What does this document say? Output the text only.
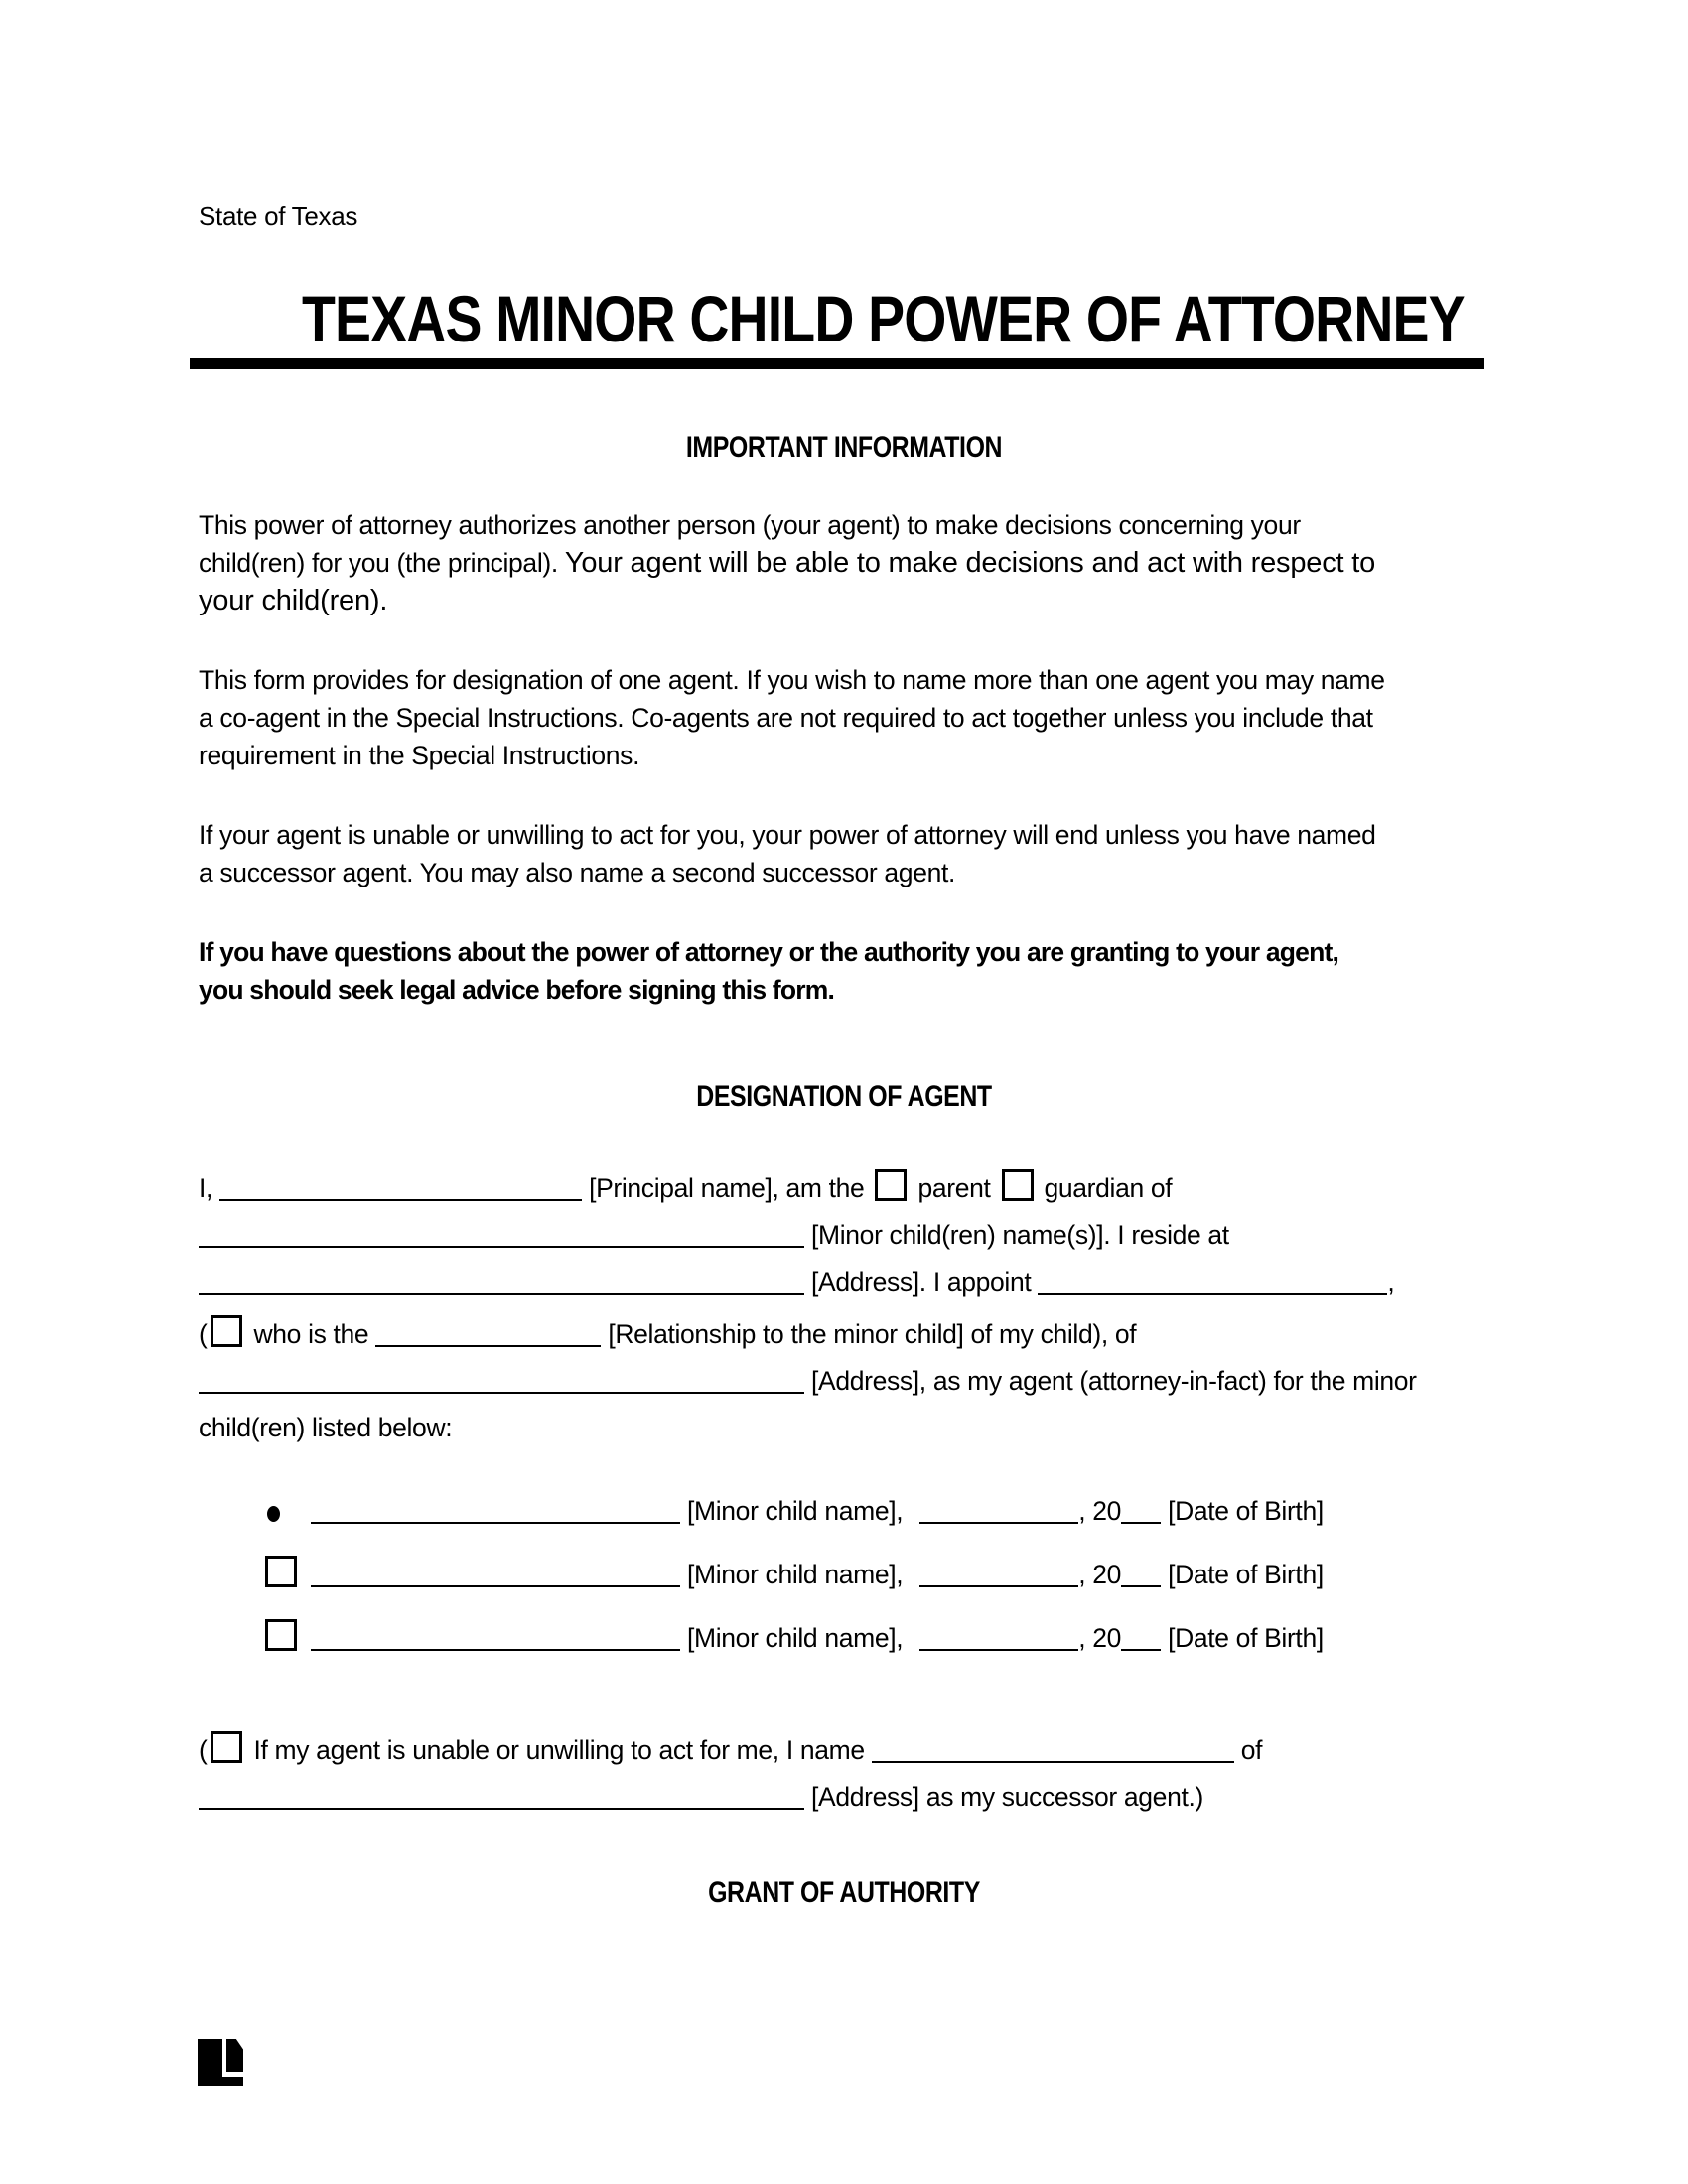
State of Texas
TEXAS MINOR CHILD POWER OF ATTORNEY
IMPORTANT INFORMATION
This power of attorney authorizes another person (your agent) to make decisions concerning your
child(ren) for you (the principal). Your agent will be able to make decisions and act with respect to
your child(ren).
This form provides for designation of one agent. If you wish to name more than one agent you may name
a co-agent in the Special Instructions. Co-agents are not required to act together unless you include that
requirement in the Special Instructions.
If your agent is unable or unwilling to act for you, your power of attorney will end unless you have named
a successor agent. You may also name a second successor agent.
If you have questions about the power of attorney or the authority you are granting to your agent,
you should seek legal advice before signing this form.
DESIGNATION OF AGENT
I,	[Principal name], am the parent guardian of
[Minor child(ren) name(s)]. I reside at
[Address]. I appoint	,
( who is the	[Relationship to the minor child] of my child), of
[Address], as my agent (attorney-in-fact) for the minor
child(ren) listed below:
[Minor child name],	, 20 [Date of Birth]
[Minor child name],	, 20 [Date of Birth]
[Minor child name],	, 20 [Date of Birth]
( If my agent is unable or unwilling to act for me, I name	of
[Address] as my successor agent.)
GRANT OF AUTHORITY
